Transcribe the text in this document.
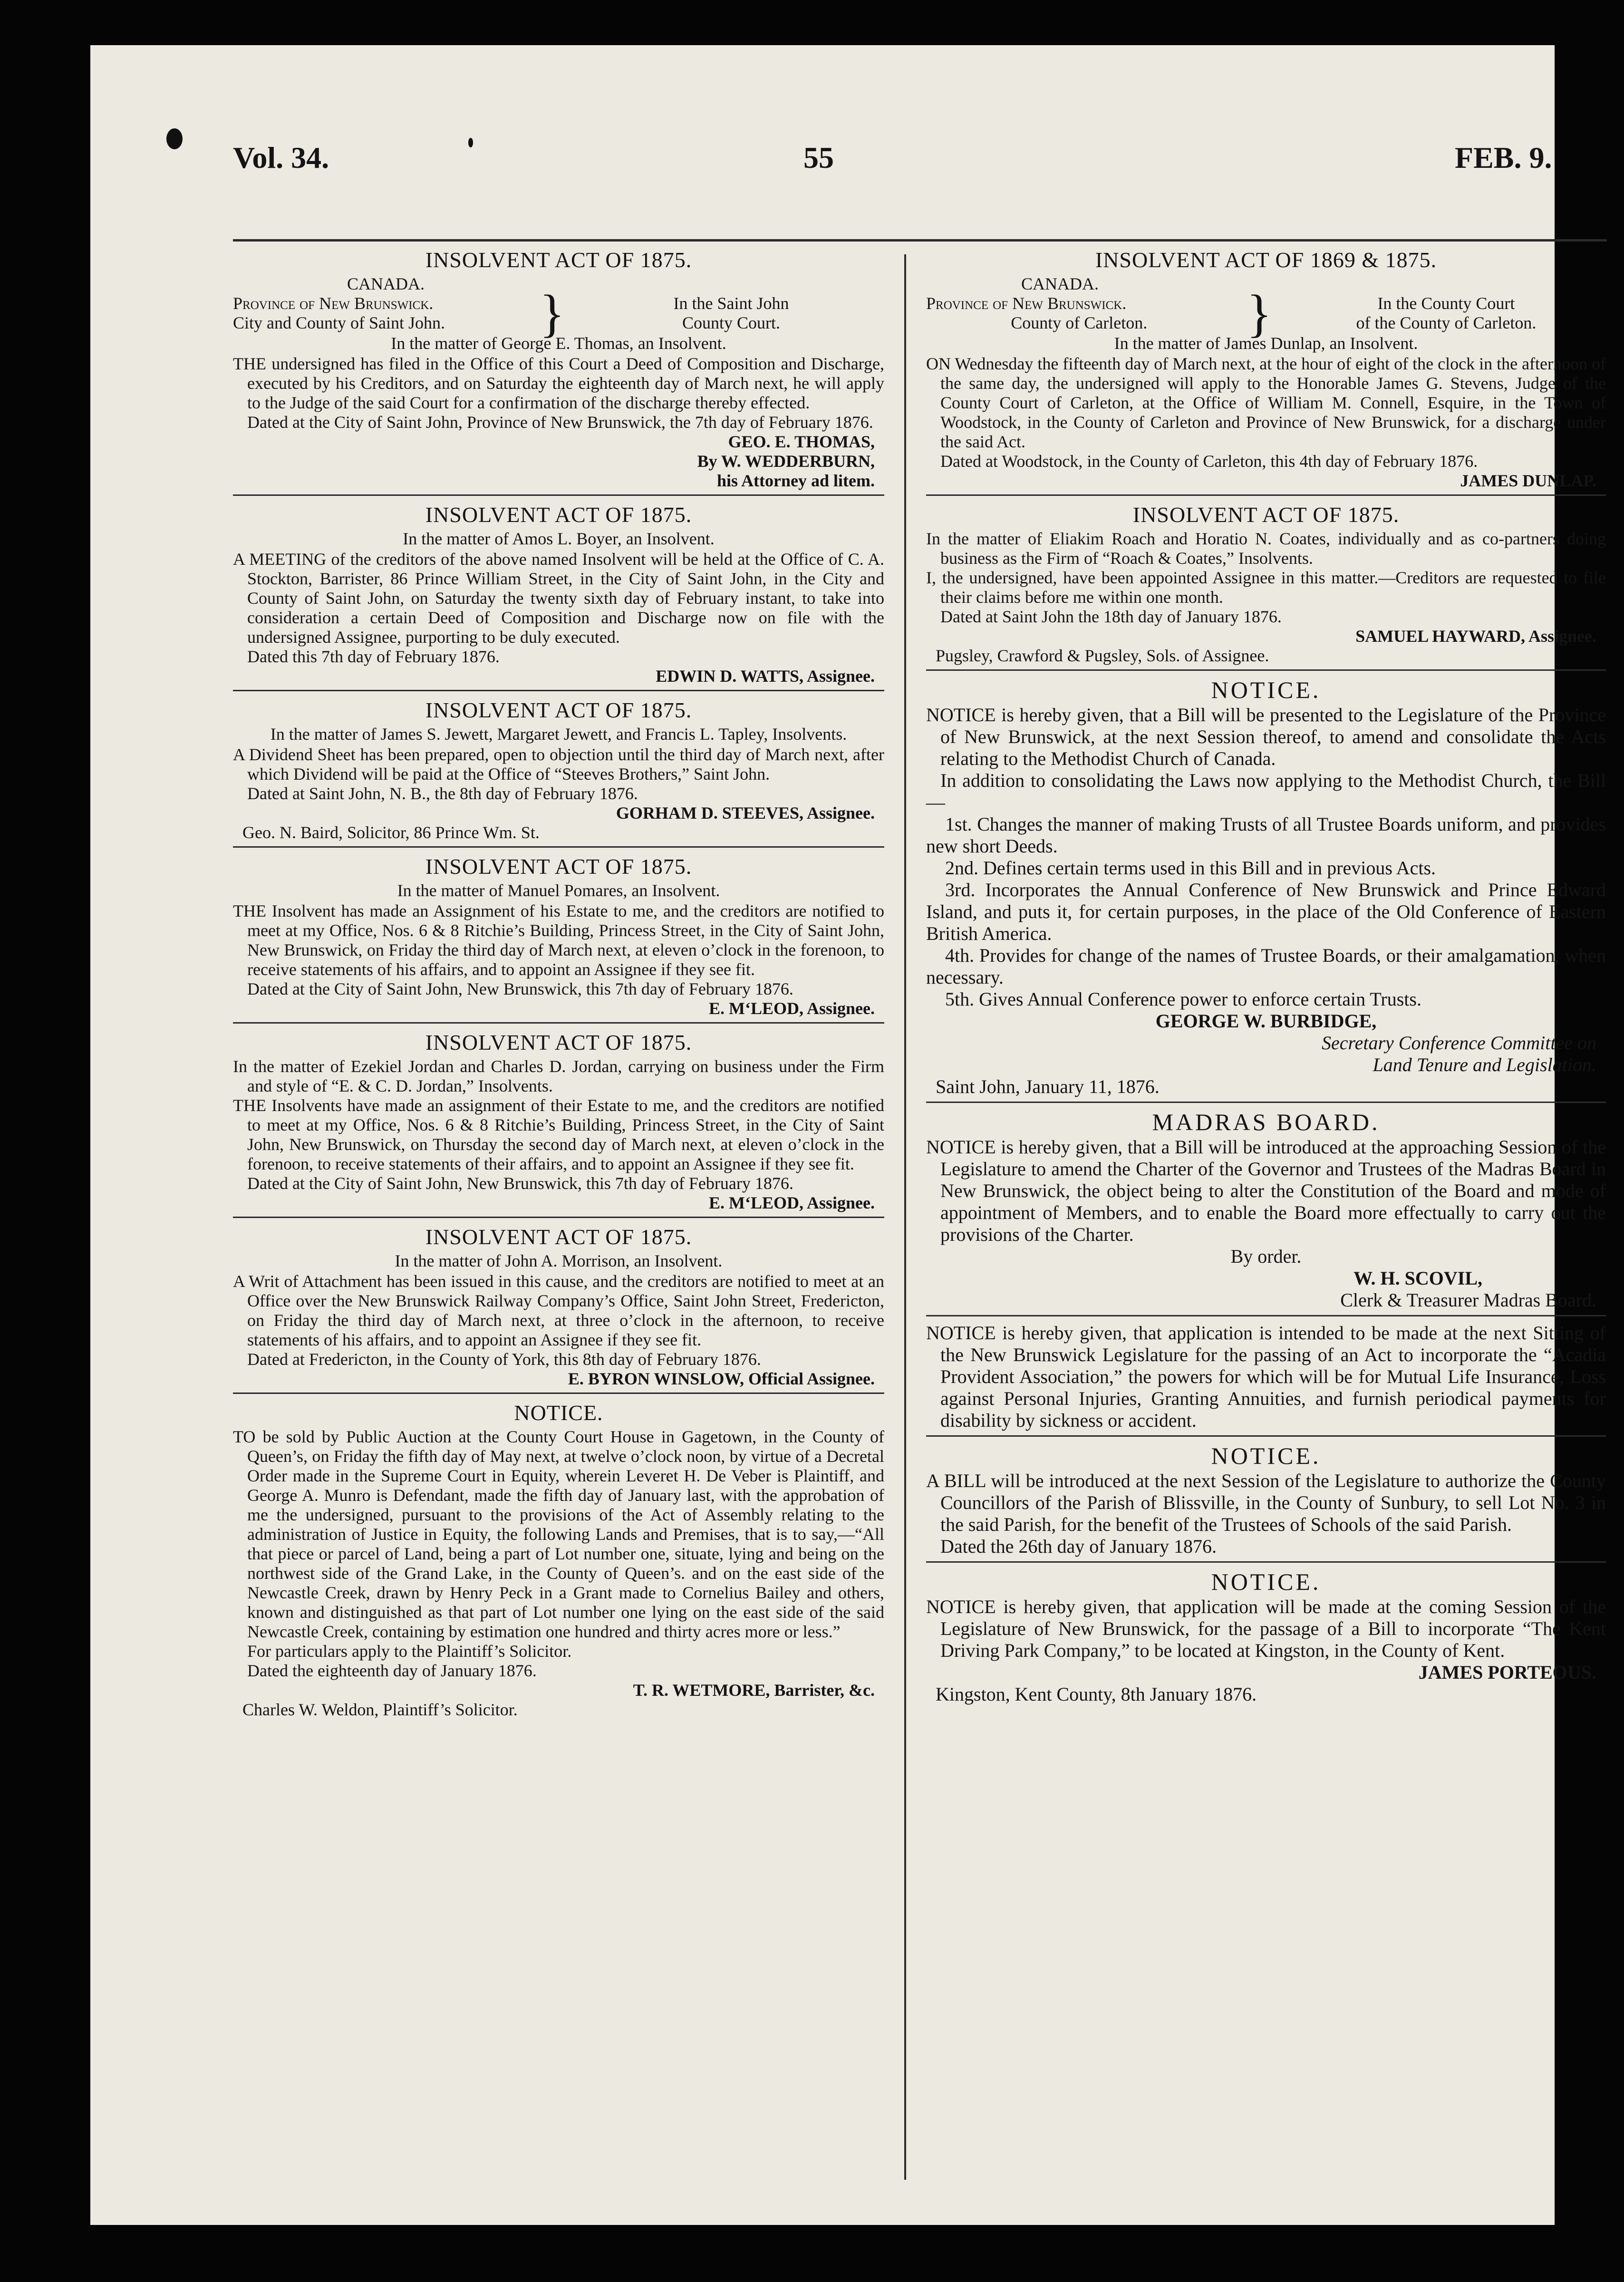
Vol. 34.	55	FEB. 9.
INSOLVENT ACT OF 1875.
CANADA.
Province of New Brunswick.
City and County of Saint John.	}	In the Saint John
County Court.
In the matter of George E. Thomas, an Insolvent.
THE undersigned has filed in the Office of this Court a Deed of Composition and Discharge, executed by his Creditors, and on Saturday the eighteenth day of March next, he will apply to the Judge of the said Court for a confirmation of the discharge thereby effected.
Dated at the City of Saint John, Province of New Brunswick, the 7th day of February 1876.
GEO. E. THOMAS,
By W. WEDDERBURN,
his Attorney ad litem.
INSOLVENT ACT OF 1875.
In the matter of Amos L. Boyer, an Insolvent.
A MEETING of the creditors of the above named Insolvent will be held at the Office of C. A. Stockton, Barrister, 86 Prince William Street, in the City of Saint John, in the City and County of Saint John, on Saturday the twenty sixth day of February instant, to take into consideration a certain Deed of Composition and Discharge now on file with the undersigned Assignee, purporting to be duly executed.
Dated this 7th day of February 1876.
EDWIN D. WATTS, Assignee.
INSOLVENT ACT OF 1875.
In the matter of James S. Jewett, Margaret Jewett, and Francis L. Tapley, Insolvents.
A Dividend Sheet has been prepared, open to objection until the third day of March next, after which Dividend will be paid at the Office of “Steeves Brothers,” Saint John.
Dated at Saint John, N. B., the 8th day of February 1876.
GORHAM D. STEEVES, Assignee.
Geo. N. Baird, Solicitor, 86 Prince Wm. St.
INSOLVENT ACT OF 1875.
In the matter of Manuel Pomares, an Insolvent.
THE Insolvent has made an Assignment of his Estate to me, and the creditors are notified to meet at my Office, Nos. 6 & 8 Ritchie’s Building, Princess Street, in the City of Saint John, New Brunswick, on Friday the third day of March next, at eleven o’clock in the forenoon, to receive statements of his affairs, and to appoint an Assignee if they see fit.
Dated at the City of Saint John, New Brunswick, this 7th day of February 1876.
E. M‘LEOD, Assignee.
INSOLVENT ACT OF 1875.
In the matter of Ezekiel Jordan and Charles D. Jordan, carrying on business under the Firm and style of “E. & C. D. Jordan,” Insolvents.
THE Insolvents have made an assignment of their Estate to me, and the creditors are notified to meet at my Office, Nos. 6 & 8 Ritchie’s Building, Princess Street, in the City of Saint John, New Brunswick, on Thursday the second day of March next, at eleven o’clock in the forenoon, to receive statements of their affairs, and to appoint an Assignee if they see fit.
Dated at the City of Saint John, New Brunswick, this 7th day of February 1876.
E. M‘LEOD, Assignee.
INSOLVENT ACT OF 1875.
In the matter of John A. Morrison, an Insolvent.
A Writ of Attachment has been issued in this cause, and the creditors are notified to meet at an Office over the New Brunswick Railway Company’s Office, Saint John Street, Fredericton, on Friday the third day of March next, at three o’clock in the afternoon, to receive statements of his affairs, and to appoint an Assignee if they see fit.
Dated at Fredericton, in the County of York, this 8th day of February 1876.
E. BYRON WINSLOW, Official Assignee.
NOTICE.
TO be sold by Public Auction at the County Court House in Gagetown, in the County of Queen’s, on Friday the fifth day of May next, at twelve o’clock noon, by virtue of a Decretal Order made in the Supreme Court in Equity, wherein Leveret H. De Veber is Plaintiff, and George A. Munro is Defendant, made the fifth day of January last, with the approbation of me the undersigned, pursuant to the provisions of the Act of Assembly relating to the administration of Justice in Equity, the following Lands and Premises, that is to say,—“All that piece or parcel of Land, being a part of Lot number one, situate, lying and being on the northwest side of the Grand Lake, in the County of Queen’s. and on the east side of the Newcastle Creek, drawn by Henry Peck in a Grant made to Cornelius Bailey and others, known and distinguished as that part of Lot number one lying on the east side of the said Newcastle Creek, containing by estimation one hundred and thirty acres more or less.”
For particulars apply to the Plaintiff’s Solicitor.
Dated the eighteenth day of January 1876.
T. R. WETMORE, Barrister, &c.
Charles W. Weldon, Plaintiff’s Solicitor.
INSOLVENT ACT OF 1869 & 1875.
CANADA.
Province of New Brunswick.
County of Carleton.	}	In the County Court
of the County of Carleton.
In the matter of James Dunlap, an Insolvent.
ON Wednesday the fifteenth day of March next, at the hour of eight of the clock in the afternoon of the same day, the undersigned will apply to the Honorable James G. Stevens, Judge of the County Court of Carleton, at the Office of William M. Connell, Esquire, in the Town of Woodstock, in the County of Carleton and Province of New Brunswick, for a discharge under the said Act.
Dated at Woodstock, in the County of Carleton, this 4th day of February 1876.
JAMES DUNLAP.
INSOLVENT ACT OF 1875.
In the matter of Eliakim Roach and Horatio N. Coates, individually and as co-partners doing business as the Firm of “Roach & Coates,” Insolvents.
I, the undersigned, have been appointed Assignee in this matter.—Creditors are requested to file their claims before me within one month.
Dated at Saint John the 18th day of January 1876.
SAMUEL HAYWARD, Assignee.
Pugsley, Crawford & Pugsley, Sols. of Assignee.
NOTICE.
NOTICE is hereby given, that a Bill will be presented to the Legislature of the Province of New Brunswick, at the next Session thereof, to amend and consolidate the Acts relating to the Methodist Church of Canada.
In addition to consolidating the Laws now applying to the Methodist Church, the Bill—
1st. Changes the manner of making Trusts of all Trustee Boards uniform, and provides new short Deeds.
2nd. Defines certain terms used in this Bill and in previous Acts.
3rd. Incorporates the Annual Conference of New Brunswick and Prince Edward Island, and puts it, for certain purposes, in the place of the Old Conference of Eastern British America.
4th. Provides for change of the names of Trustee Boards, or their amalgamation, when necessary.
5th. Gives Annual Conference power to enforce certain Trusts.
GEORGE W. BURBIDGE,
Secretary Conference Committee on
Land Tenure and Legislation.
Saint John, January 11, 1876.
MADRAS BOARD.
NOTICE is hereby given, that a Bill will be introduced at the approaching Session of the Legislature to amend the Charter of the Governor and Trustees of the Madras Board in New Brunswick, the object being to alter the Constitution of the Board and mode of appointment of Members, and to enable the Board more effectually to carry out the provisions of the Charter.
By order.
W. H. SCOVIL,
Clerk & Treasurer Madras Board.
NOTICE is hereby given, that application is intended to be made at the next Sitting of the New Brunswick Legislature for the passing of an Act to incorporate the “Acadia Provident Association,” the powers for which will be for Mutual Life Insurance, Loss against Personal Injuries, Granting Annuities, and furnish periodical payments for disability by sickness or accident.
NOTICE.
A BILL will be introduced at the next Session of the Legislature to authorize the County Councillors of the Parish of Blissville, in the County of Sunbury, to sell Lot No. 3 in the said Parish, for the benefit of the Trustees of Schools of the said Parish.
Dated the 26th day of January 1876.
NOTICE.
NOTICE is hereby given, that application will be made at the coming Session of the Legislature of New Brunswick, for the passage of a Bill to incorporate “The Kent Driving Park Company,” to be located at Kingston, in the County of Kent.
JAMES PORTEOUS.
Kingston, Kent County, 8th January 1876.
